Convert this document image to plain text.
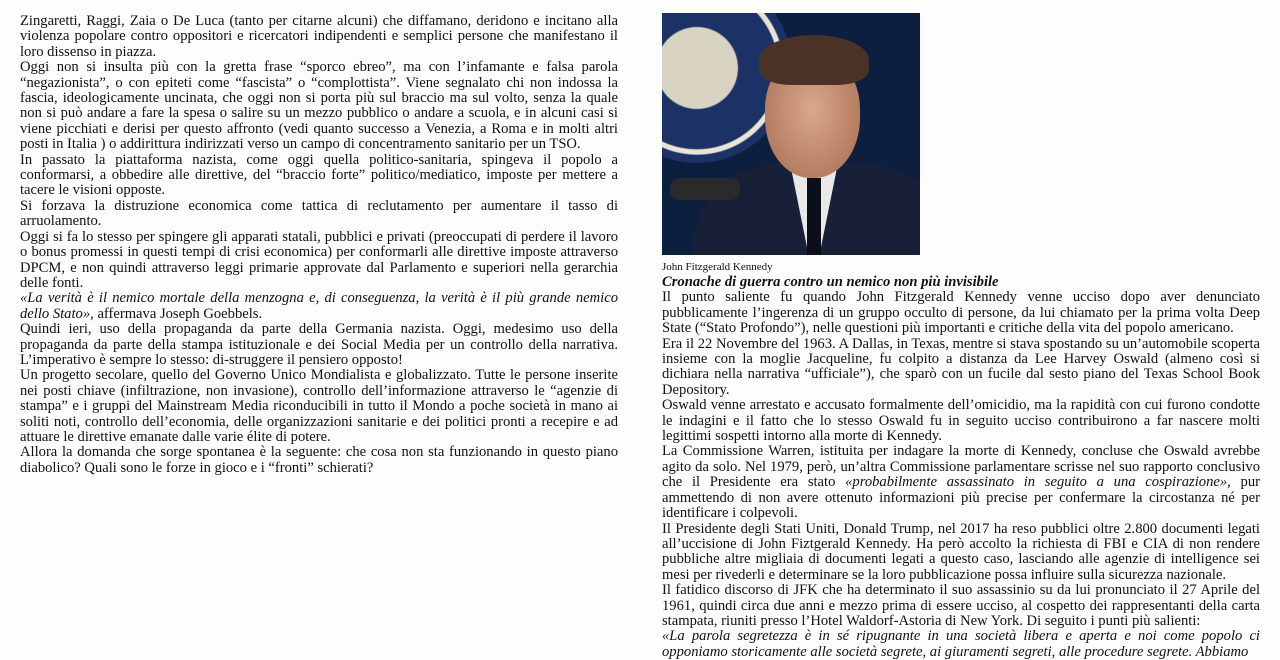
Zingaretti, Raggi, Zaia o De Luca (tanto per citarne alcuni) che diffamano, deridono e incitano alla violenza popolare contro oppositori e ricercatori indipendenti e semplici persone che manifestano il loro dissenso in piazza.

Oggi non si insulta più con la gretta frase “sporco ebreo”, ma con l’infamante e falsa parola “negazionista”, o con epiteti come “fascista” o “complottista”. Viene segnalato chi non indossa la fascia, ideologicamente uncinata, che oggi non si porta più sul braccio ma sul volto, senza la quale non si può andare a fare la spesa o salire su un mezzo pubblico o andare a scuola, e in alcuni casi si viene picchiati e derisi per questo affronto (vedi quanto successo a Venezia, a Roma e in molti altri posti in Italia ) o addirittura indirizzati verso un campo di concentramento sanitario per un TSO.

In passato la piattaforma nazista, come oggi quella politico-sanitaria, spingeva il popolo a conformarsi, a obbedire alle direttive, del “braccio forte” politico/mediatico, imposte per mettere a tacere le visioni opposte.

Si forzava la distruzione economica come tattica di reclutamento per aumentare il tasso di arruolamento.

Oggi si fa lo stesso per spingere gli apparati statali, pubblici e privati (preoccupati di perdere il lavoro o bonus promessi in questi tempi di crisi economica) per conformarli alle direttive imposte attraverso DPCM, e non quindi attraverso leggi primarie approvate dal Parlamento e superiori nella gerarchia delle fonti.

«La verità è il nemico mortale della menzogna e, di conseguenza, la verità è il più grande nemico dello Stato», affermava Joseph Goebbels.

Quindi ieri, uso della propaganda da parte della Germania nazista. Oggi, medesimo uso della propaganda da parte della stampa istituzionale e dei Social Media per un controllo della narrativa. L’imperativo è sempre lo stesso: di-struggere il pensiero opposto!

Un progetto secolare, quello del Governo Unico Mondialista e globalizzato. Tutte le persone inserite nei posti chiave (infiltrazione, non invasione), controllo dell’informazione attraverso le “agenzie di stampa” e i gruppi del Mainstream Media riconducibili in tutto il Mondo a poche società in mano ai soliti noti, controllo dell’economia, delle organizzazioni sanitarie e dei politici pronti a recepire e ad attuare le direttive emanate dalle varie élite di potere.

Allora la domanda che sorge spontanea è la seguente: che cosa non sta funzionando in questo piano diabolico? Quali sono le forze in gioco e i “fronti” schierati?

John Fitzgerald Kennedy

Cronache di guerra contro un nemico non più invisibile

Il punto saliente fu quando John Fitzgerald Kennedy venne ucciso dopo aver denunciato pubblicamente l’ingerenza di un gruppo occulto di persone, da lui chiamato per la prima volta Deep State (“Stato Profondo”), nelle questioni più importanti e critiche della vita del popolo americano.

Era il 22 Novembre del 1963. A Dallas, in Texas, mentre si stava spostando su un’automobile scoperta insieme con la moglie Jacqueline, fu colpito a distanza da Lee Harvey Oswald (almeno così si dichiara nella narrativa “ufficiale”), che sparò con un fucile dal sesto piano del Texas School Book Depository.

Oswald venne arrestato e accusato formalmente dell’omicidio, ma la rapidità con cui furono condotte le indagini e il fatto che lo stesso Oswald fu in seguito ucciso contribuirono a far nascere molti legittimi sospetti intorno alla morte di Kennedy.

La Commissione Warren, istituita per indagare la morte di Kennedy, concluse che Oswald avrebbe agito da solo. Nel 1979, però, un’altra Commissione parlamentare scrisse nel suo rapporto conclusivo che il Presidente era stato «probabilmente assassinato in seguito a una cospirazione», pur ammettendo di non avere ottenuto informazioni più precise per confermare la circostanza né per identificare i colpevoli.

Il Presidente degli Stati Uniti, Donald Trump, nel 2017 ha reso pubblici oltre 2.800 documenti legati all’uccisione di John Fiztgerald Kennedy. Ha però accolto la richiesta di FBI e CIA di non rendere pubbliche altre migliaia di documenti legati a questo caso, lasciando alle agenzie di intelligence sei mesi per rivederli e determinare se la loro pubblicazione possa influire sulla sicurezza nazionale.

Il fatidico discorso di JFK che ha determinato il suo assassinio su da lui pronunciato il 27 Aprile del 1961, quindi circa due anni e mezzo prima di essere ucciso, al cospetto dei rappresentanti della carta stampata, riuniti presso l’Hotel Waldorf-Astoria di New York. Di seguito i punti più salienti:

«La parola segretezza è in sé ripugnante in una società libera e aperta e noi come popolo ci opponiamo storicamente alle società segrete, ai giuramenti segreti, alle procedure segrete. Abbiamo
